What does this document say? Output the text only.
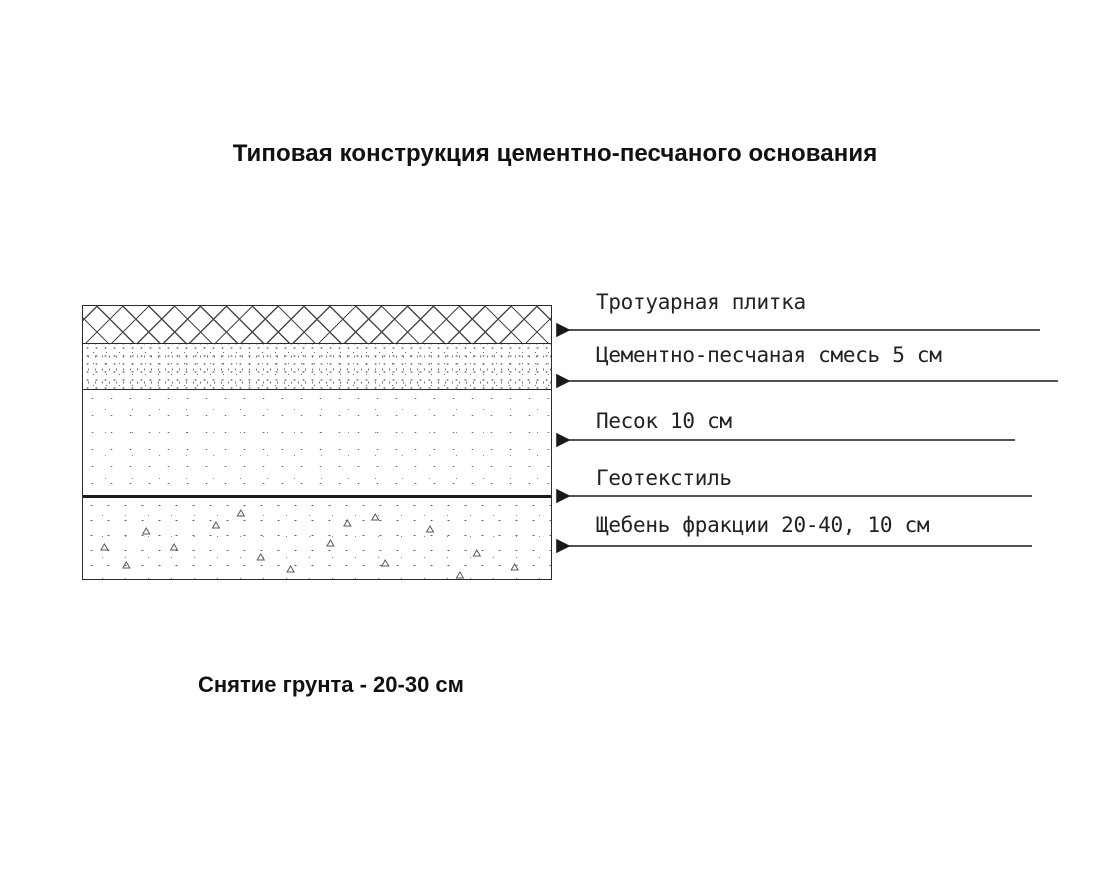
Типовая конструкция цементно-песчаного основания
Тротуарная плитка
Цементно-песчаная смесь 5 см
Песок 10 см
Геотекстиль
Щебень фракции 20-40, 10 см
Снятие грунта - 20-30 см
